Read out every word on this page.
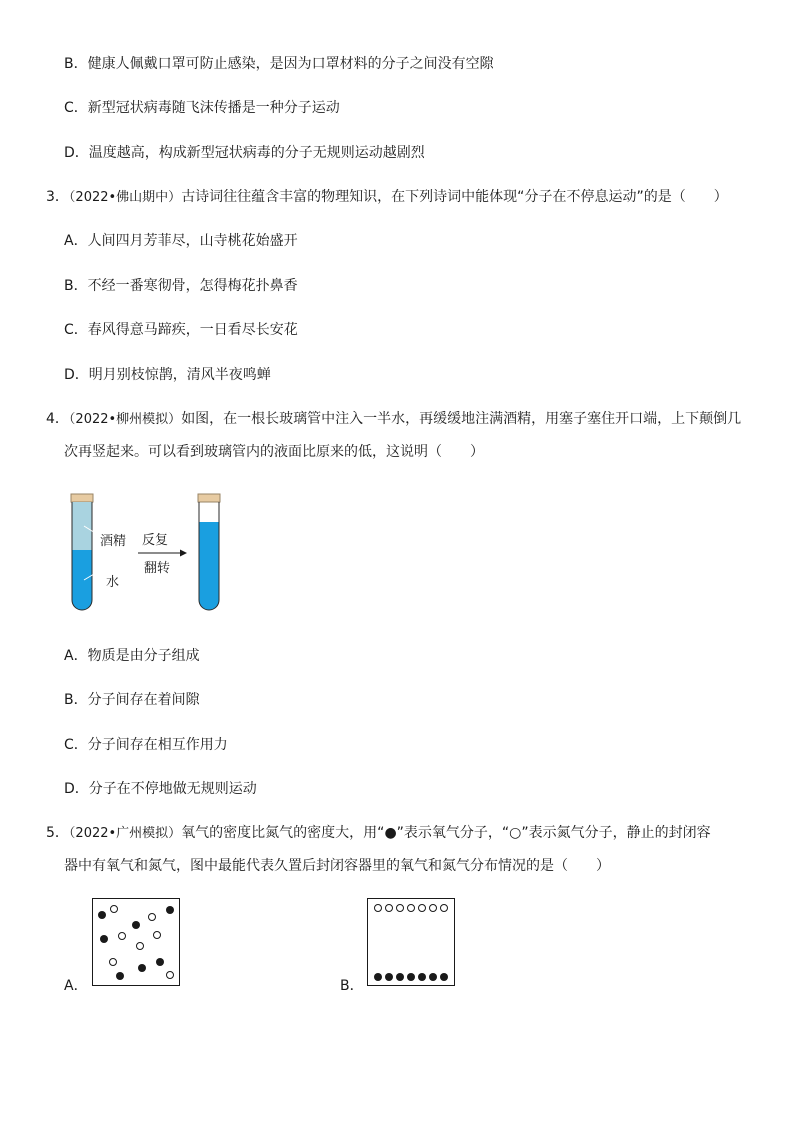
B．健康人佩戴口罩可防止感染，是因为口罩材料的分子之间没有空隙
C．新型冠状病毒随飞沫传播是一种分子运动
D．温度越高，构成新型冠状病毒的分子无规则运动越剧烈
3．（2022•佛山期中）古诗词往往蕴含丰富的物理知识，在下列诗词中能体现“分子在不停息运动”的是（　　）
A．人间四月芳菲尽，山寺桃花始盛开
B．不经一番寒彻骨，怎得梅花扑鼻香
C．春风得意马蹄疾，一日看尽长安花
D．明月别枝惊鹊，清风半夜鸣蝉
4．（2022•柳州模拟）如图，在一根长玻璃管中注入一半水，再缓缓地注满酒精，用塞子塞住开口端，上下颠倒几
次再竖起来。可以看到玻璃管内的液面比原来的低，这说明（　　）
酒精
水
反复
翻转
A．物质是由分子组成
B．分子间存在着间隙
C．分子间存在相互作用力
D．分子在不停地做无规则运动
5．（2022•广州模拟）氧气的密度比氮气的密度大，用“●”表示氧气分子，“○”表示氮气分子，静止的封闭容
器中有氧气和氮气，图中最能代表久置后封闭容器里的氧气和氮气分布情况的是（　　）
A．	B．
